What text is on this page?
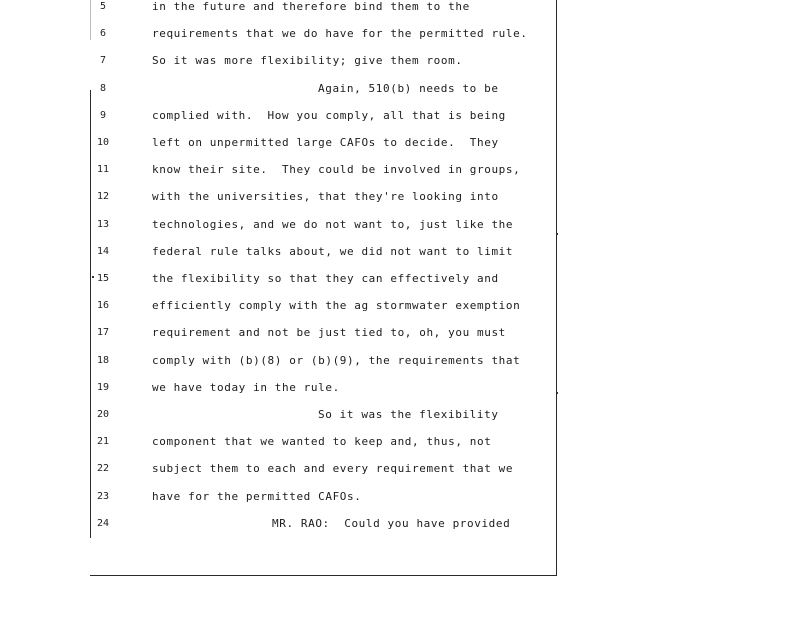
5	in the future and therefore bind them to the
6	requirements that we do have for the permitted rule.
7	So it was more flexibility; give them room.
8	Again, 510(b) needs to be
9	complied with.  How you comply, all that is being
10	left on unpermitted large CAFOs to decide.  They
11	know their site.  They could be involved in groups,
12	with the universities, that they're looking into
13	technologies, and we do not want to, just like the
14	federal rule talks about, we did not want to limit
15	the flexibility so that they can effectively and
16	efficiently comply with the ag stormwater exemption
17	requirement and not be just tied to, oh, you must
18	comply with (b)(8) or (b)(9), the requirements that
19	we have today in the rule.
20	So it was the flexibility
21	component that we wanted to keep and, thus, not
22	subject them to each and every requirement that we
23	have for the permitted CAFOs.
24	MR. RAO:  Could you have provided
